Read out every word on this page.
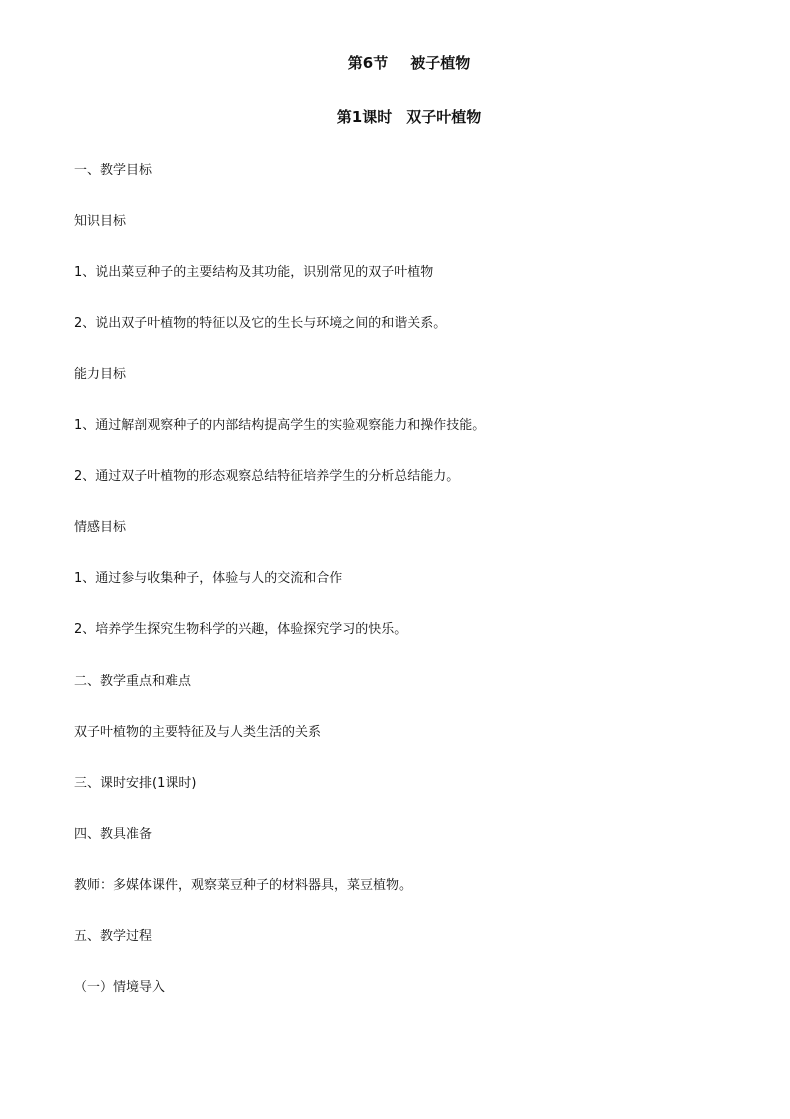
第6节 被子植物
第1课时 双子叶植物

一、教学目标

知识目标

1、说出菜豆种子的主要结构及其功能，识别常见的双子叶植物

2、说出双子叶植物的特征以及它的生长与环境之间的和谐关系。

能力目标

1、通过解剖观察种子的内部结构提高学生的实验观察能力和操作技能。

2、通过双子叶植物的形态观察总结特征培养学生的分析总结能力。

情感目标

1、通过参与收集种子，体验与人的交流和合作

2、培养学生探究生物科学的兴趣，体验探究学习的快乐。

二、教学重点和难点

双子叶植物的主要特征及与人类生活的关系

三、课时安排(1课时)

四、教具准备

教师：多媒体课件，观察菜豆种子的材料器具，菜豆植物。

五、教学过程

（一）情境导入
